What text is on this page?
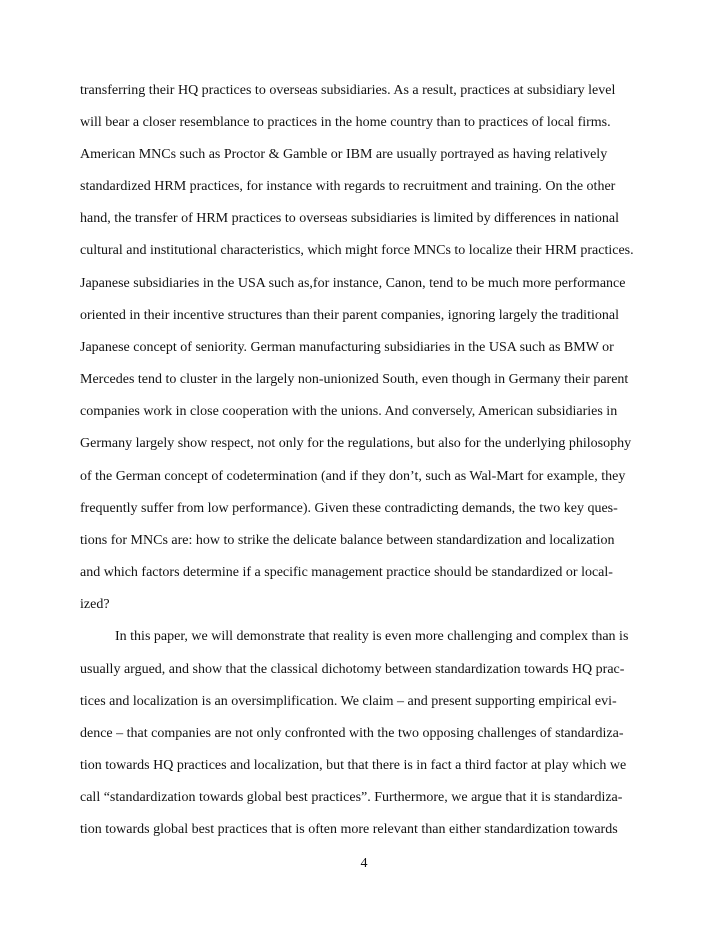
transferring their HQ practices to overseas subsidiaries. As a result, practices at subsidiary level
will bear a closer resemblance to practices in the home country than to practices of local firms.
American MNCs such as Proctor & Gamble or IBM are usually portrayed as having relatively
standardized HRM practices, for instance with regards to recruitment and training. On the other
hand, the transfer of HRM practices to overseas subsidiaries is limited by differences in national
cultural and institutional characteristics, which might force MNCs to localize their HRM practices.
Japanese subsidiaries in the USA such as,for instance, Canon, tend to be much more performance
oriented in their incentive structures than their parent companies, ignoring largely the traditional
Japanese concept of seniority. German manufacturing subsidiaries in the USA such as BMW or
Mercedes tend to cluster in the largely non-unionized South, even though in Germany their parent
companies work in close cooperation with the unions. And conversely, American subsidiaries in
Germany largely show respect, not only for the regulations, but also for the underlying philosophy
of the German concept of codetermination (and if they don’t, such as Wal-Mart for example, they
frequently suffer from low performance). Given these contradicting demands, the two key ques-
tions for MNCs are: how to strike the delicate balance between standardization and localization
and which factors determine if a specific management practice should be standardized or local-
ized?
In this paper, we will demonstrate that reality is even more challenging and complex than is
usually argued, and show that the classical dichotomy between standardization towards HQ prac-
tices and localization is an oversimplification. We claim – and present supporting empirical evi-
dence – that companies are not only confronted with the two opposing challenges of standardiza-
tion towards HQ practices and localization, but that there is in fact a third factor at play which we
call “standardization towards global best practices”. Furthermore, we argue that it is standardiza-
tion towards global best practices that is often more relevant than either standardization towards
4
